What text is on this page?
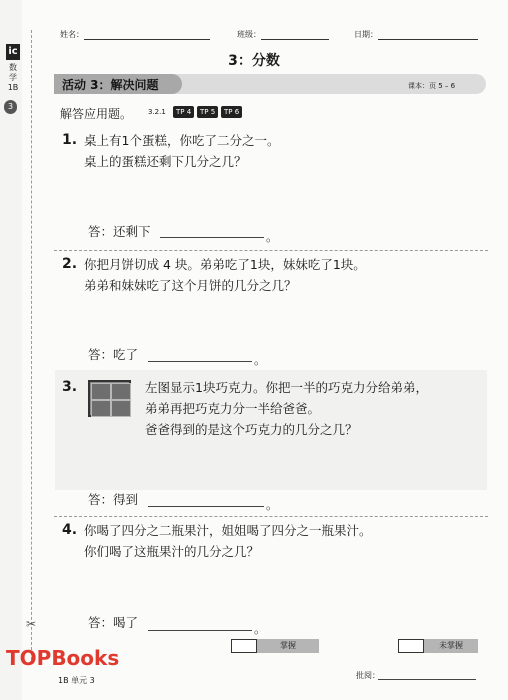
ic
数
学
1B
3
姓名：	班级：	日期：
3：分数
活动 3：解决问题	课本：页 5 – 6
解答应用题。 3.2.1	TP 4	TP 5	TP 6
1. 桌上有1个蛋糕，你吃了二分之一。
桌上的蛋糕还剩下几分之几？
答：还剩下	。
2. 你把月饼切成 4 块。弟弟吃了1块，妹妹吃了1块。
弟弟和妹妹吃了这个月饼的几分之几？
答：吃了	。
3.	左图显示1块巧克力。你把一半的巧克力分给弟弟，
弟弟再把巧克力分一半给爸爸。
爸爸得到的是这个巧克力的几分之几？
答：得到	。
4. 你喝了四分之二瓶果汁，姐姐喝了四分之一瓶果汁。
你们喝了这瓶果汁的几分之几？
答：喝了	。
✂
掌握	未掌握
1B 单元 3
批阅：
TOPBooks
